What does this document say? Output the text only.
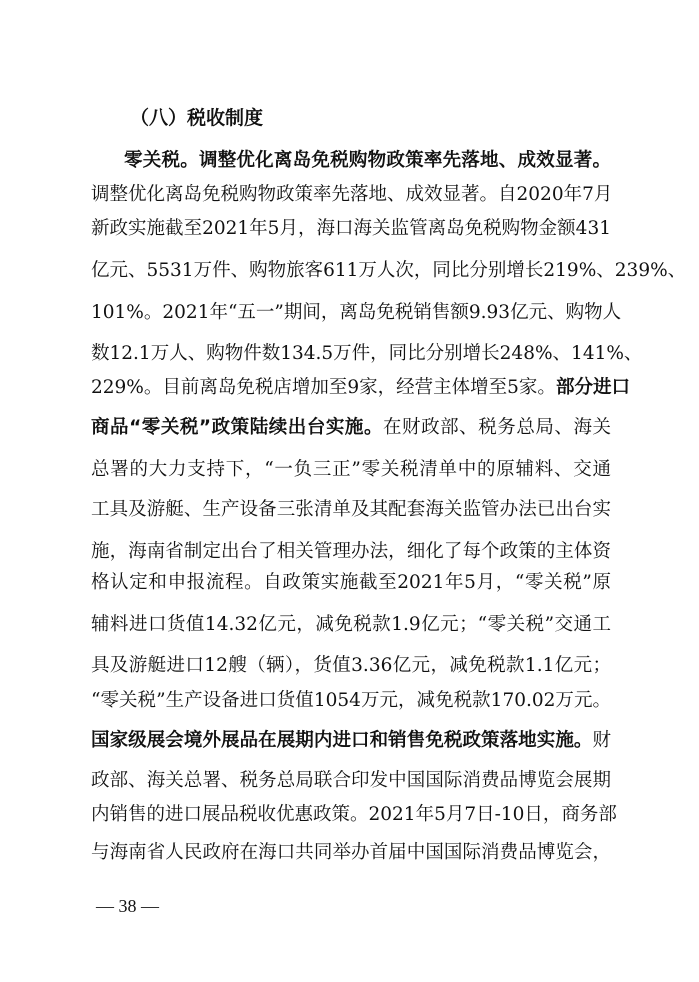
（八）税收制度
零关税。调整优化离岛免税购物政策率先落地、成效显著。
调整优化离岛免税购物政策率先落地、成效显著。自2020年7月
新政实施截至2021年5月，海口海关监管离岛免税购物金额431
亿元、5531万件、购物旅客611万人次，同比分别增长219%、239%、
101%。2021年“五一”期间，离岛免税销售额9.93亿元、购物人
数12.1万人、购物件数134.5万件，同比分别增长248%、141%、
229%。目前离岛免税店增加至9家，经营主体增至5家。部分进口
商品“零关税”政策陆续出台实施。在财政部、税务总局、海关
总署的大力支持下，“一负三正”零关税清单中的原辅料、交通
工具及游艇、生产设备三张清单及其配套海关监管办法已出台实
施，海南省制定出台了相关管理办法，细化了每个政策的主体资
格认定和申报流程。自政策实施截至2021年5月，“零关税”原
辅料进口货值14.32亿元，减免税款1.9亿元；“零关税”交通工
具及游艇进口12艘（辆），货值3.36亿元，减免税款1.1亿元；
“零关税”生产设备进口货值1054万元，减免税款170.02万元。
国家级展会境外展品在展期内进口和销售免税政策落地实施。财
政部、海关总署、税务总局联合印发中国国际消费品博览会展期
内销售的进口展品税收优惠政策。2021年5月7日-10日，商务部
与海南省人民政府在海口共同举办首届中国国际消费品博览会，
— 38 —
